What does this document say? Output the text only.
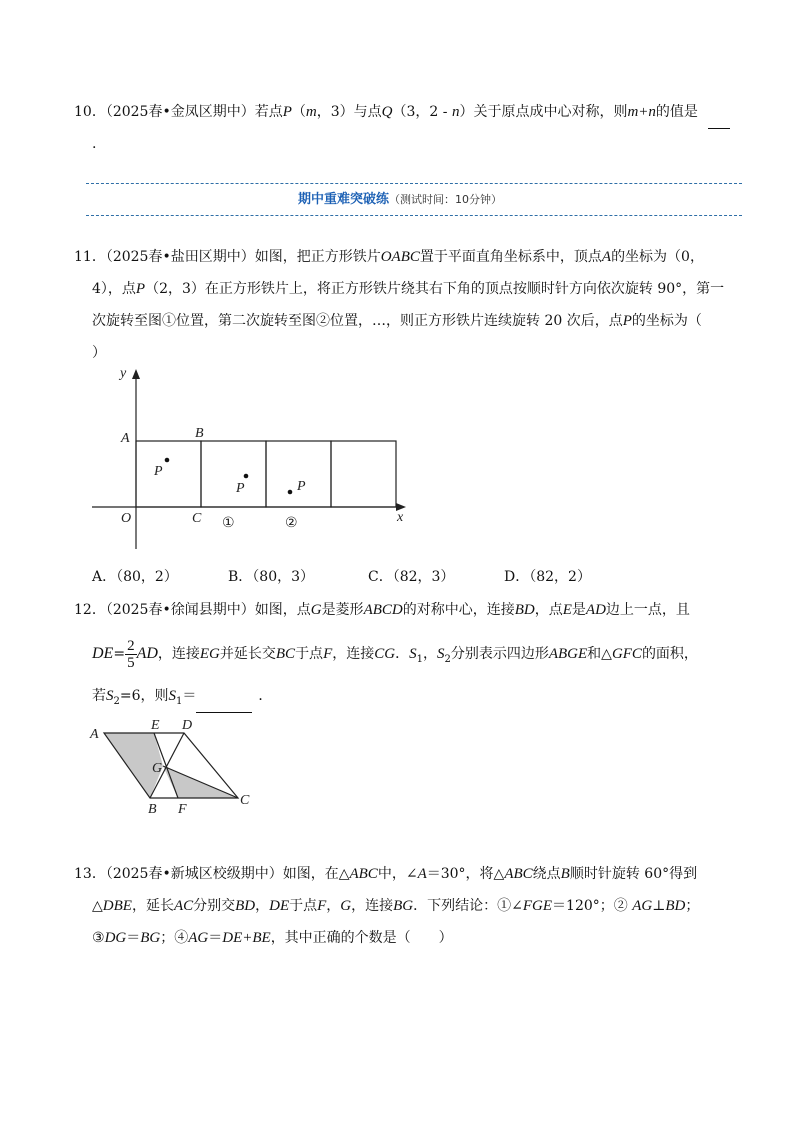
10．（2025春•金凤区期中）若点P（m，3）与点Q（3，2 - n）关于原点成中心对称，则m+n的值是
.
期中重难突破练（测试时间：10分钟）
11．（2025春•盐田区期中）如图，把正方形铁片OABC置于平面直角坐标系中，顶点A的坐标为（0，
4），点P（2，3）在正方形铁片上，将正方形铁片绕其右下角的顶点按顺时针方向依次旋转 90°，第一
次旋转至图①位置，第二次旋转至图②位置，…，则正方形铁片连续旋转 20 次后，点P的坐标为（
）
y
x
A	B
O	C
P
P	P
①	②
A．（80，2）	B．（80，3）	C．（82，3）	D．（82，2）
12．（2025春•徐闻县期中）如图，点G是菱形ABCD的对称中心，连接BD，点E是AD边上一点，且
$DE= \frac{2}{5}$ AD，连接EG并延长交BC于点F，连接CG．$S_1$，$S_2$分别表示四边形ABGE和△GFC的面积，
若$S_2=6$，则$S_1=$	．
A
E D
G
B F
C
13．（2025春•新城区校级期中）如图，在△ABC中，∠A＝30°，将△ABC绕点B顺时针旋转 60°得到
△DBE，延长AC分别交BD，DE于点F，G，连接BG．下列结论：①∠FGE＝120°；② AG⊥BD；
③DG＝BG；④AG＝DE+BE，其中正确的个数是（　　）
